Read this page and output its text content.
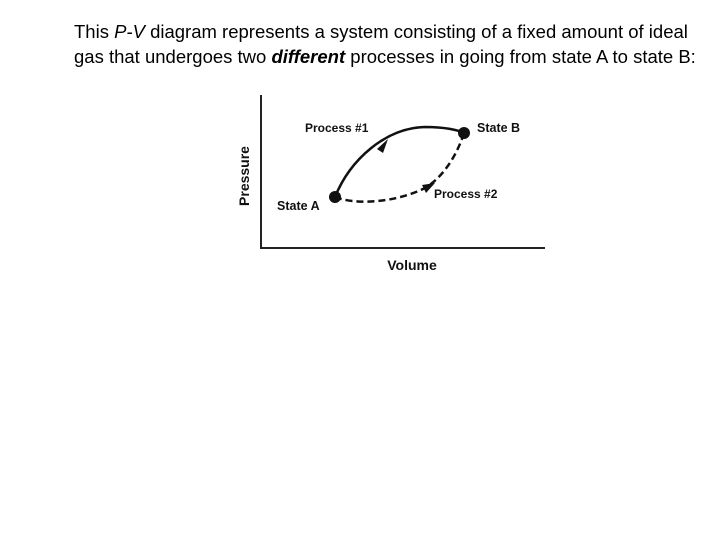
This P-V diagram represents a system consisting of a fixed amount of ideal gas that undergoes two different processes in going from state A to state B:

Pressure
Volume
State A
State B
Process #1
Process #2
